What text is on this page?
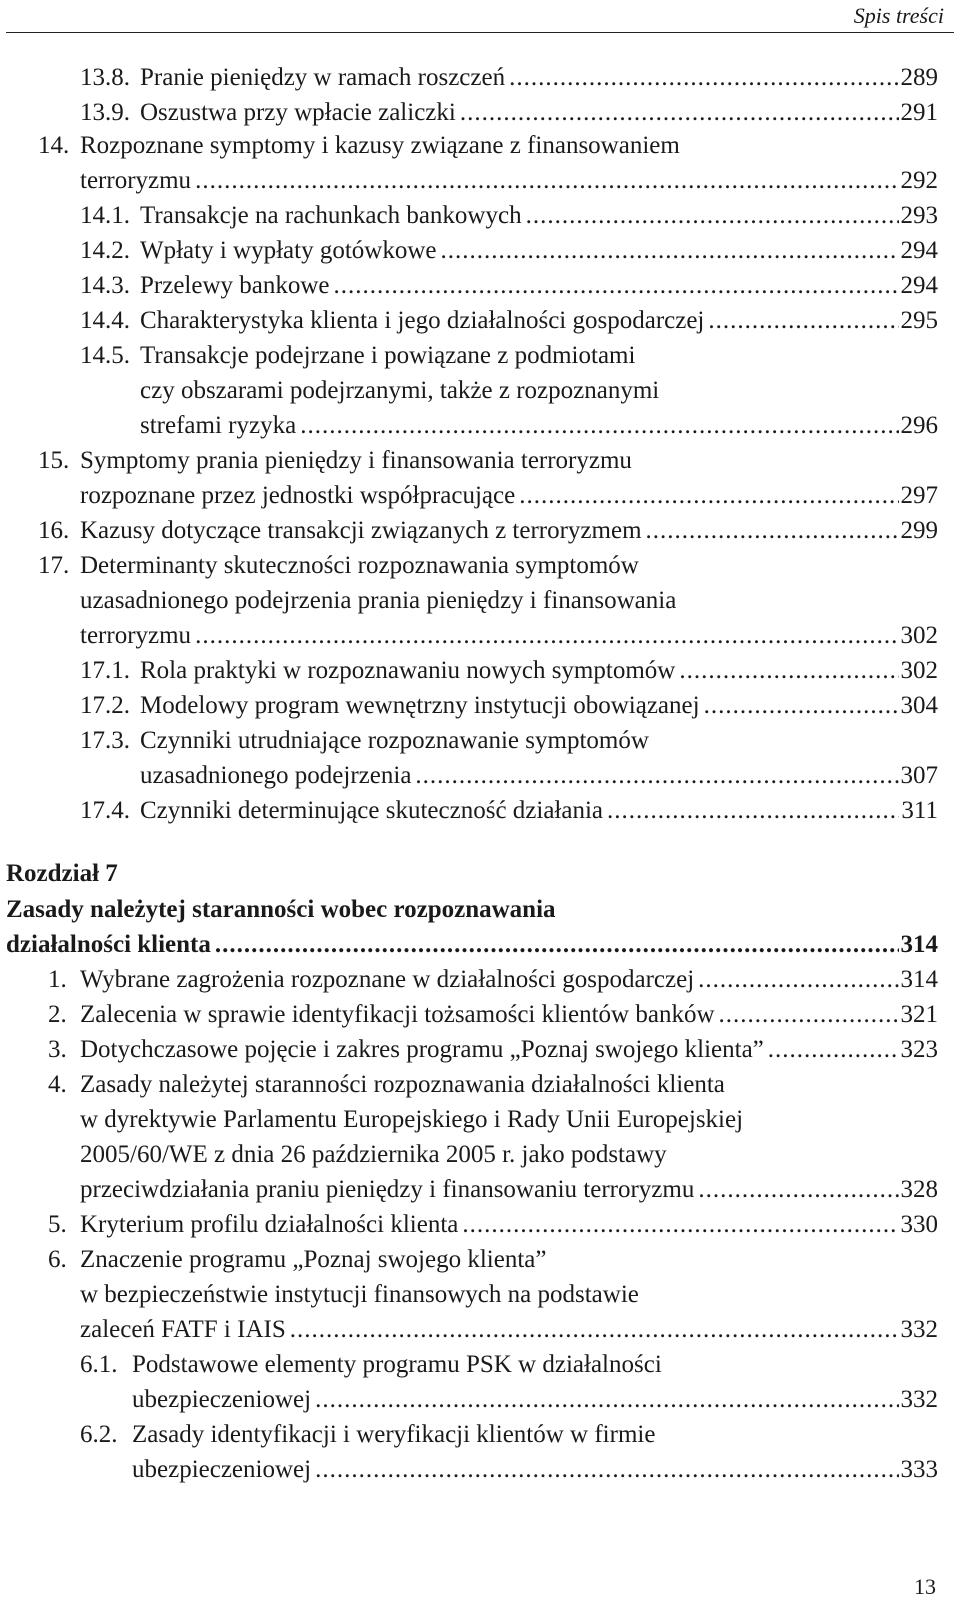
Spis treści
13.8. Pranie pieniędzy w ramach roszczeń .....	289
13.9. Oszustwa przy wpłacie zaliczki .....	291
14. Rozpoznane symptomy i kazusy związane z finansowaniem
terroryzmu .....	292
14.1. Transakcje na rachunkach bankowych .....	293
14.2. Wpłaty i wypłaty gotówkowe .....	294
14.3. Przelewy bankowe .....	294
14.4. Charakterystyka klienta i jego działalności gospodarczej .....	295
14.5. Transakcje podejrzane i powiązane z podmiotami
czy obszarami podejrzanymi, także z rozpoznanymi
strefami ryzyka .....	296
15. Symptomy prania pieniędzy i finansowania terroryzmu
rozpoznane przez jednostki współpracujące .....	297
16. Kazusy dotyczące transakcji związanych z terroryzmem .....	299
17. Determinanty skuteczności rozpoznawania symptomów
uzasadnionego podejrzenia prania pieniędzy i finansowania
terroryzmu .....	302
17.1. Rola praktyki w rozpoznawaniu nowych symptomów .....	302
17.2. Modelowy program wewnętrzny instytucji obowiązanej .....	304
17.3. Czynniki utrudniające rozpoznawanie symptomów
uzasadnionego podejrzenia .....	307
17.4. Czynniki determinujące skuteczność działania .....	311
Rozdział 7
Zasady należytej staranności wobec rozpoznawania
działalności klienta .....	314
1. Wybrane zagrożenia rozpoznane w działalności gospodarczej .....	314
2. Zalecenia w sprawie identyfikacji tożsamości klientów banków .....	321
3. Dotychczasowe pojęcie i zakres programu „Poznaj swojego klienta” .....	323
4. Zasady należytej staranności rozpoznawania działalności klienta
w dyrektywie Parlamentu Europejskiego i Rady Unii Europejskiej
2005/60/WE z dnia 26 października 2005 r. jako podstawy
przeciwdziałania praniu pieniędzy i finansowaniu terroryzmu .....	328
5. Kryterium profilu działalności klienta .....	330
6. Znaczenie programu „Poznaj swojego klienta”
w bezpieczeństwie instytucji finansowych na podstawie
zaleceń FATF i IAIS .....	332
6.1. Podstawowe elementy programu PSK w działalności
ubezpieczeniowej .....	332
6.2. Zasady identyfikacji i weryfikacji klientów w firmie
ubezpieczeniowej .....	333
13
